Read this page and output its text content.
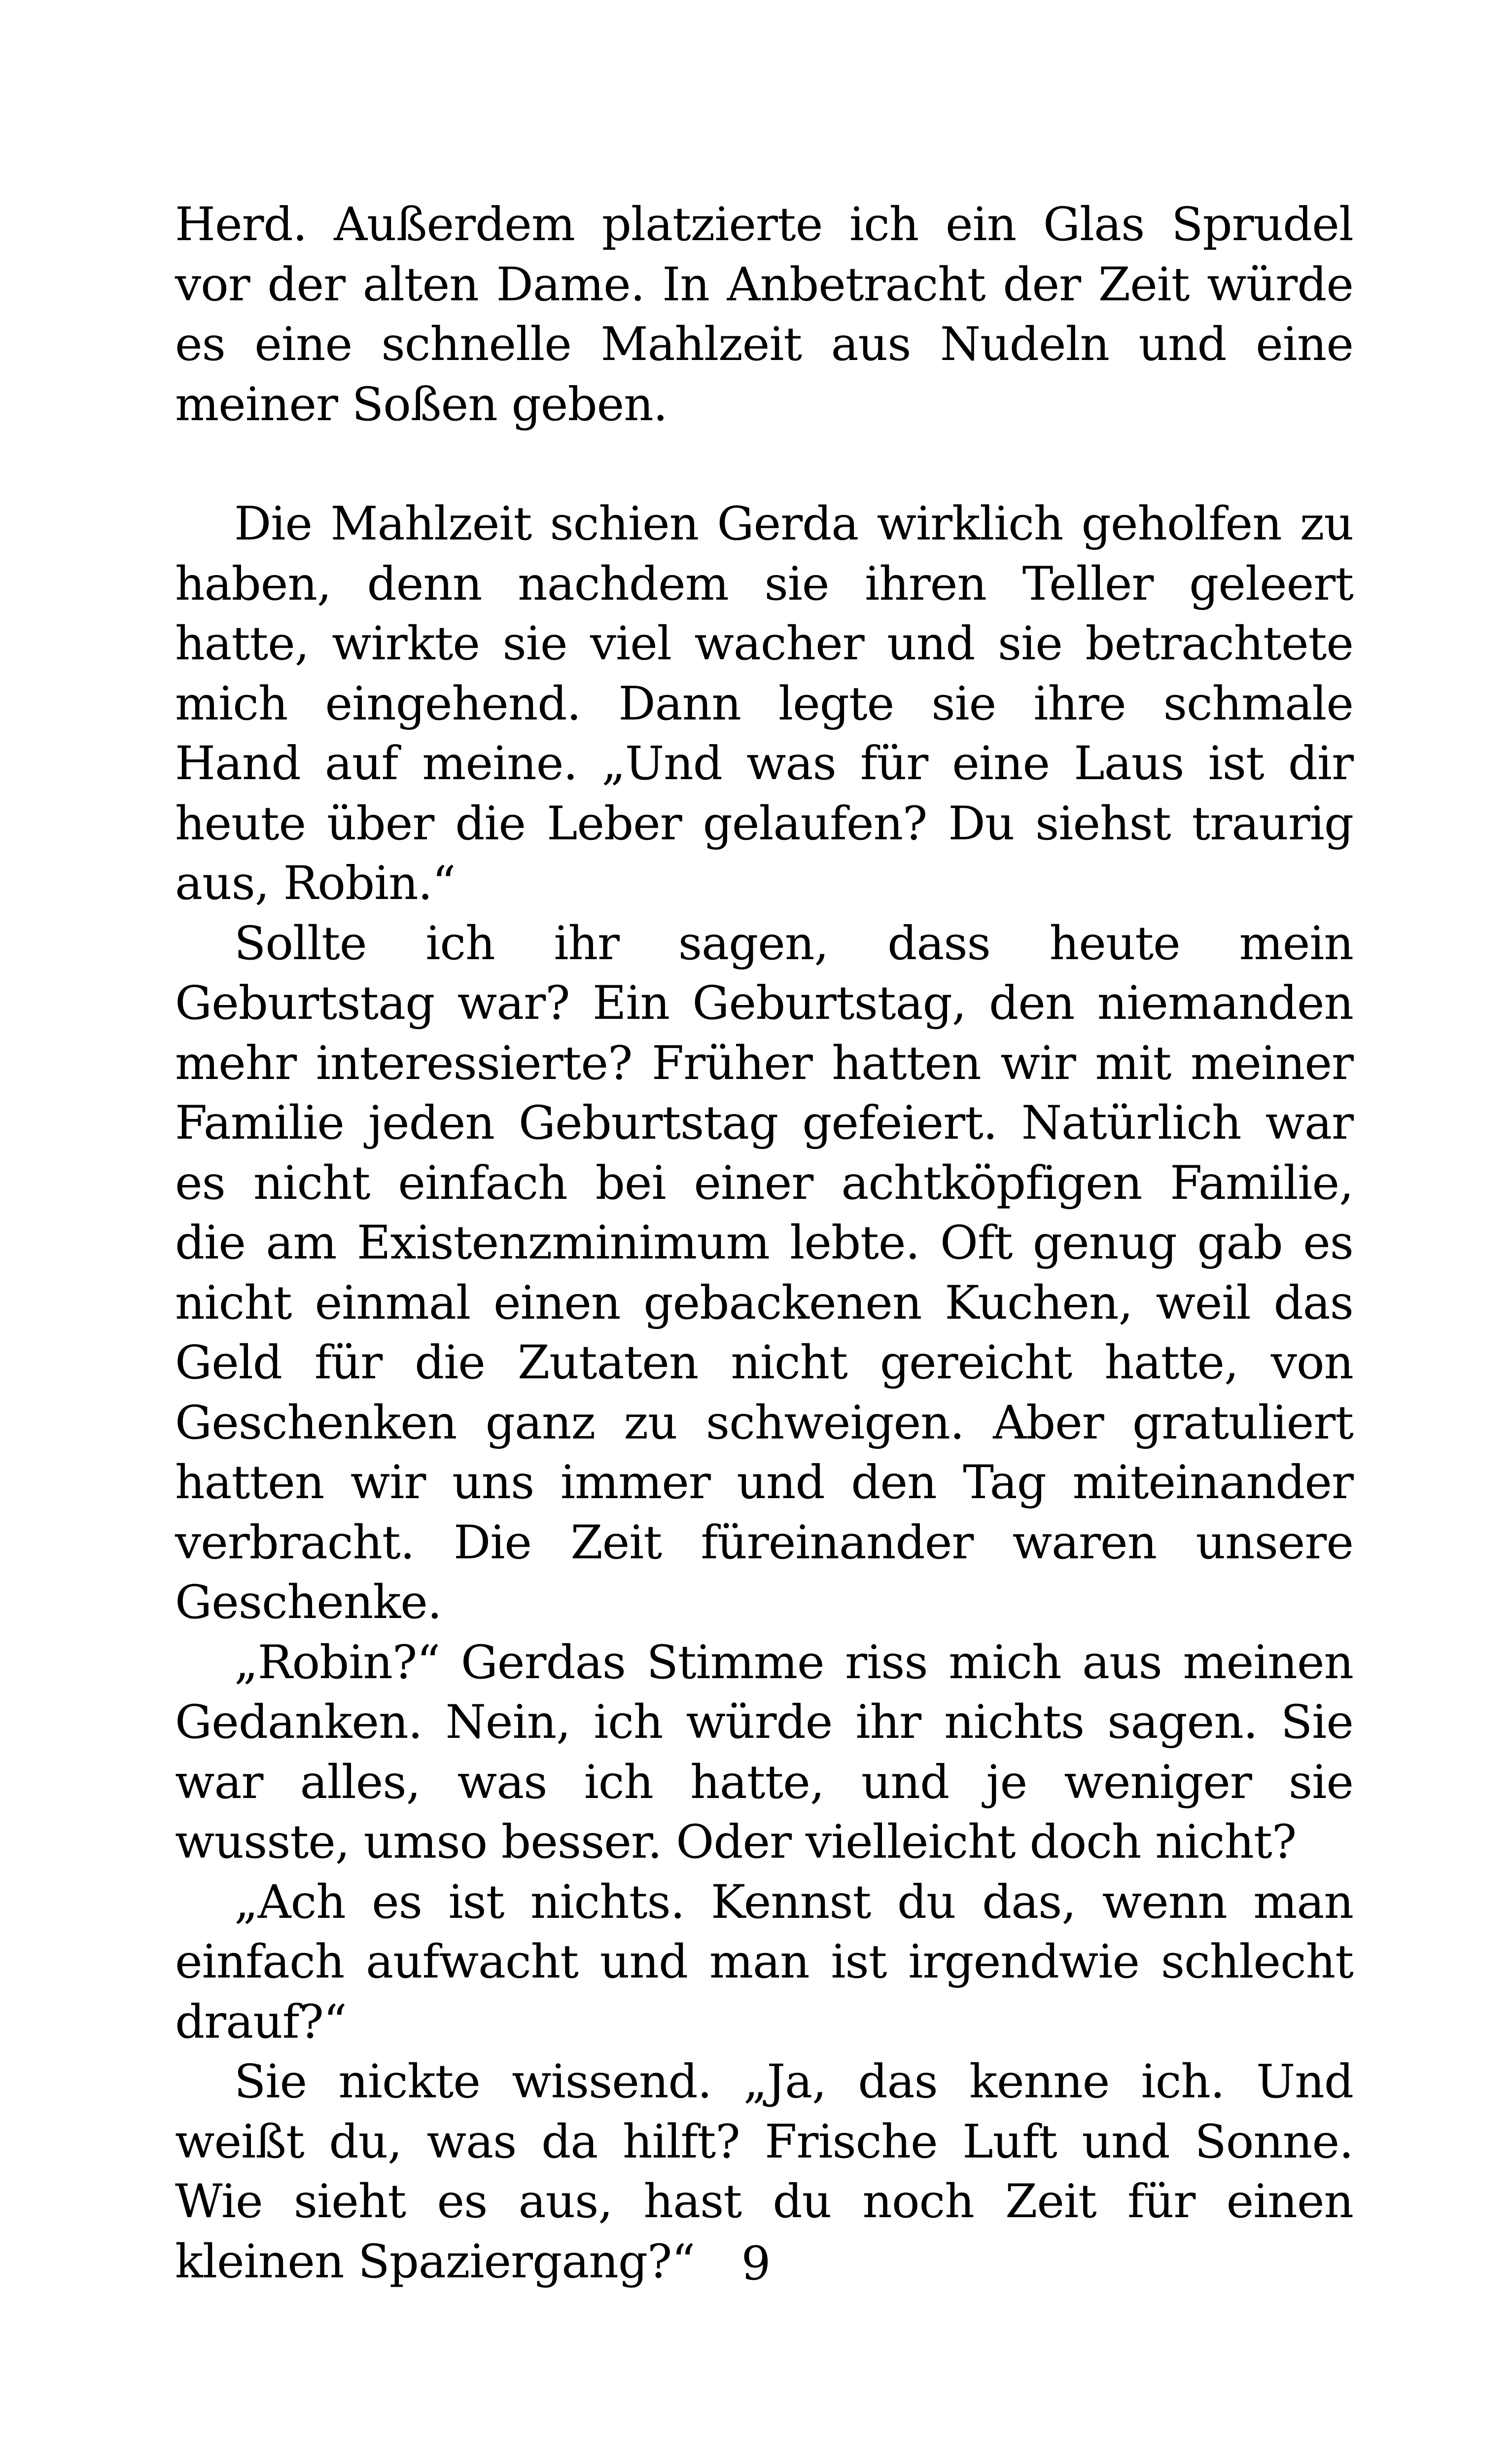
Herd. Außerdem platzierte ich ein Glas Sprudel vor der alten Dame. In Anbetracht der Zeit würde es eine schnelle Mahlzeit aus Nudeln und eine meiner Soßen geben.

Die Mahlzeit schien Gerda wirklich geholfen zu haben, denn nachdem sie ihren Teller geleert hatte, wirkte sie viel wacher und sie betrachtete mich eingehend. Dann legte sie ihre schmale Hand auf meine. „Und was für eine Laus ist dir heute über die Leber gelaufen? Du siehst traurig aus, Robin.“

Sollte ich ihr sagen, dass heute mein Geburtstag war? Ein Geburtstag, den niemanden mehr interessierte? Früher hatten wir mit meiner Familie jeden Geburtstag gefeiert. Natürlich war es nicht einfach bei einer achtköpfigen Familie, die am Existenzminimum lebte. Oft genug gab es nicht einmal einen gebackenen Kuchen, weil das Geld für die Zutaten nicht gereicht hatte, von Geschenken ganz zu schweigen. Aber gratuliert hatten wir uns immer und den Tag miteinander verbracht. Die Zeit füreinander waren unsere Geschenke.

„Robin?“ Gerdas Stimme riss mich aus meinen Gedanken. Nein, ich würde ihr nichts sagen. Sie war alles, was ich hatte, und je weniger sie wusste, umso besser. Oder vielleicht doch nicht?

„Ach es ist nichts. Kennst du das, wenn man einfach aufwacht und man ist irgendwie schlecht drauf?“

Sie nickte wissend. „Ja, das kenne ich. Und weißt du, was da hilft? Frische Luft und Sonne. Wie sieht es aus, hast du noch Zeit für einen kleinen Spaziergang?“	9
